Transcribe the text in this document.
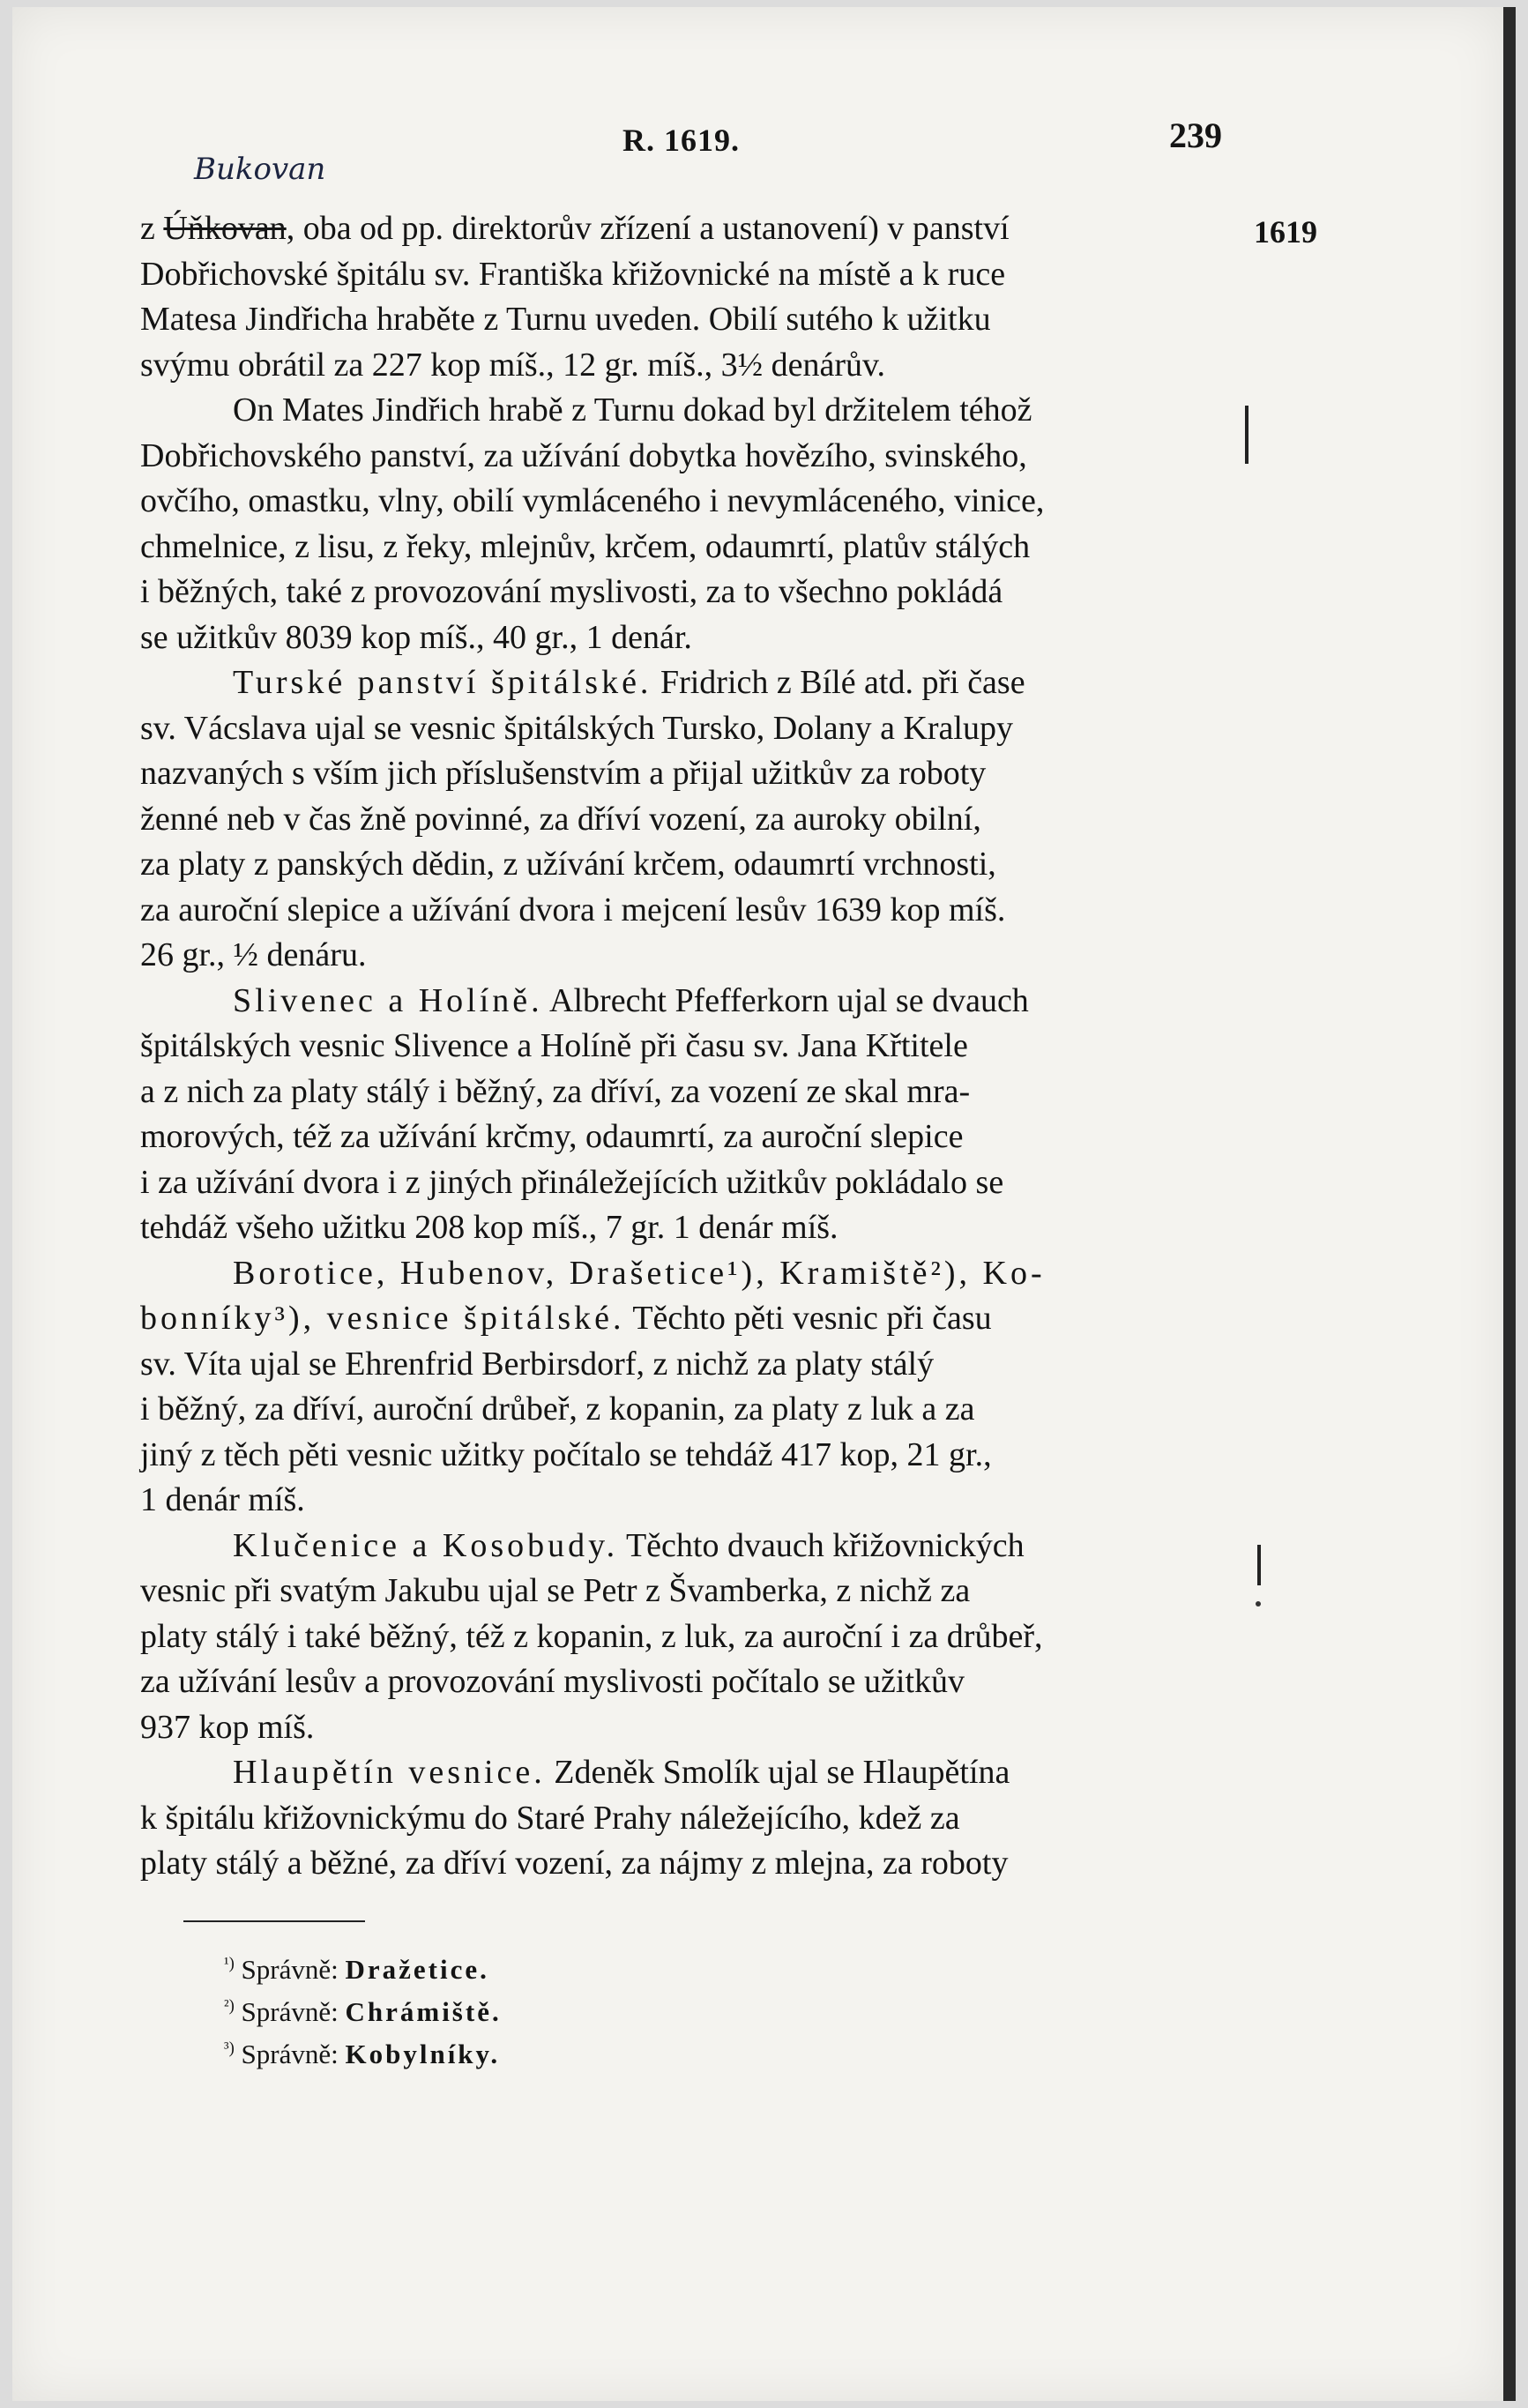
R. 1619.	239
Bukovan
1619

z Úňkovan, oba od pp. direktorův zřízení a ustanovení) v panství
Dobřichovské špitálu sv. Františka křižovnické na místě a k ruce
Matesa Jindřicha hraběte z Turnu uveden. Obilí sutého k užitku
svýmu obrátil za 227 kop míš., 12 gr. míš., 3½ denárův.

On Mates Jindřich hrabě z Turnu dokad byl držitelem téhož
Dobřichovského panství, za užívání dobytka hovězího, svinského,
ovčího, omastku, vlny, obilí vymláceného i nevymláceného, vinice,
chmelnice, z lisu, z řeky, mlejnův, krčem, odaumrtí, platův stálých
i běžných, také z provozování myslivosti, za to všechno pokládá
se užitkův 8039 kop míš., 40 gr., 1 denár.

Turské panství špitálské. Fridrich z Bílé atd. při čase
sv. Vácslava ujal se vesnic špitálských Tursko, Dolany a Kralupy
nazvaných s vším jich příslušenstvím a přijal užitkův za roboty
ženné neb v čas žně povinné, za dříví vození, za auroky obilní,
za platy z panských dědin, z užívání krčem, odaumrtí vrchnosti,
za auroční slepice a užívání dvora i mejcení lesův 1639 kop míš.
26 gr., ½ denáru.

Slivenec a Holíně. Albrecht Pfefferkorn ujal se dvauch
špitálských vesnic Slivence a Holíně při času sv. Jana Křtitele
a z nich za platy stálý i běžný, za dříví, za vození ze skal mra-
morových, též za užívání krčmy, odaumrtí, za auroční slepice
i za užívání dvora i z jiných přináležejících užitkův pokládalo se
tehdáž všeho užitku 208 kop míš., 7 gr. 1 denár míš.

Borotice, Hubenov, Drašetice¹), Kramiště²), Ko-
bonníky³), vesnice špitálské. Těchto pěti vesnic při času
sv. Víta ujal se Ehrenfrid Berbirsdorf, z nichž za platy stálý
i běžný, za dříví, auroční drůbeř, z kopanin, za platy z luk a za
jiný z těch pěti vesnic užitky počítalo se tehdáž 417 kop, 21 gr.,
1 denár míš.

Klučenice a Kosobudy. Těchto dvauch křižovnických
vesnic při svatým Jakubu ujal se Petr z Švamberka, z nichž za
platy stálý i také běžný, též z kopanin, z luk, za auroční i za drůbeř,
za užívání lesův a provozování myslivosti počítalo se užitkův
937 kop míš.

Hlaupětín vesnice. Zdeněk Smolík ujal se Hlaupětína
k špitálu křižovnickýmu do Staré Prahy náležejícího, kdež za
platy stálý a běžné, za dříví vození, za nájmy z mlejna, za roboty

$^{^1)}$ Správně: Dražetice.
$^{^2)}$ Správně: Chrámiště.
$^{^3)}$ Správně: Kobylníky.
